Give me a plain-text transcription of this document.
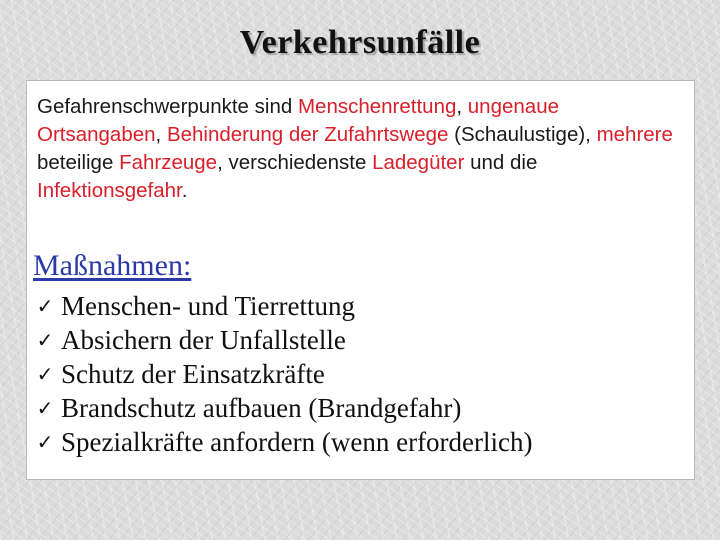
Verkehrsunfälle
Gefahrenschwerpunkte sind Menschenrettung, ungenaue Ortsangaben, Behinderung der Zufahrtswege (Schaulustige), mehrere beteilige Fahrzeuge, verschiedenste Ladegüter und die Infektionsgefahr.
Maßnahmen:
✓ Menschen- und Tierrettung
✓ Absichern der Unfallstelle
✓ Schutz der Einsatzkräfte
✓ Brandschutz aufbauen (Brandgefahr)
✓ Spezialkräfte anfordern (wenn erforderlich)
